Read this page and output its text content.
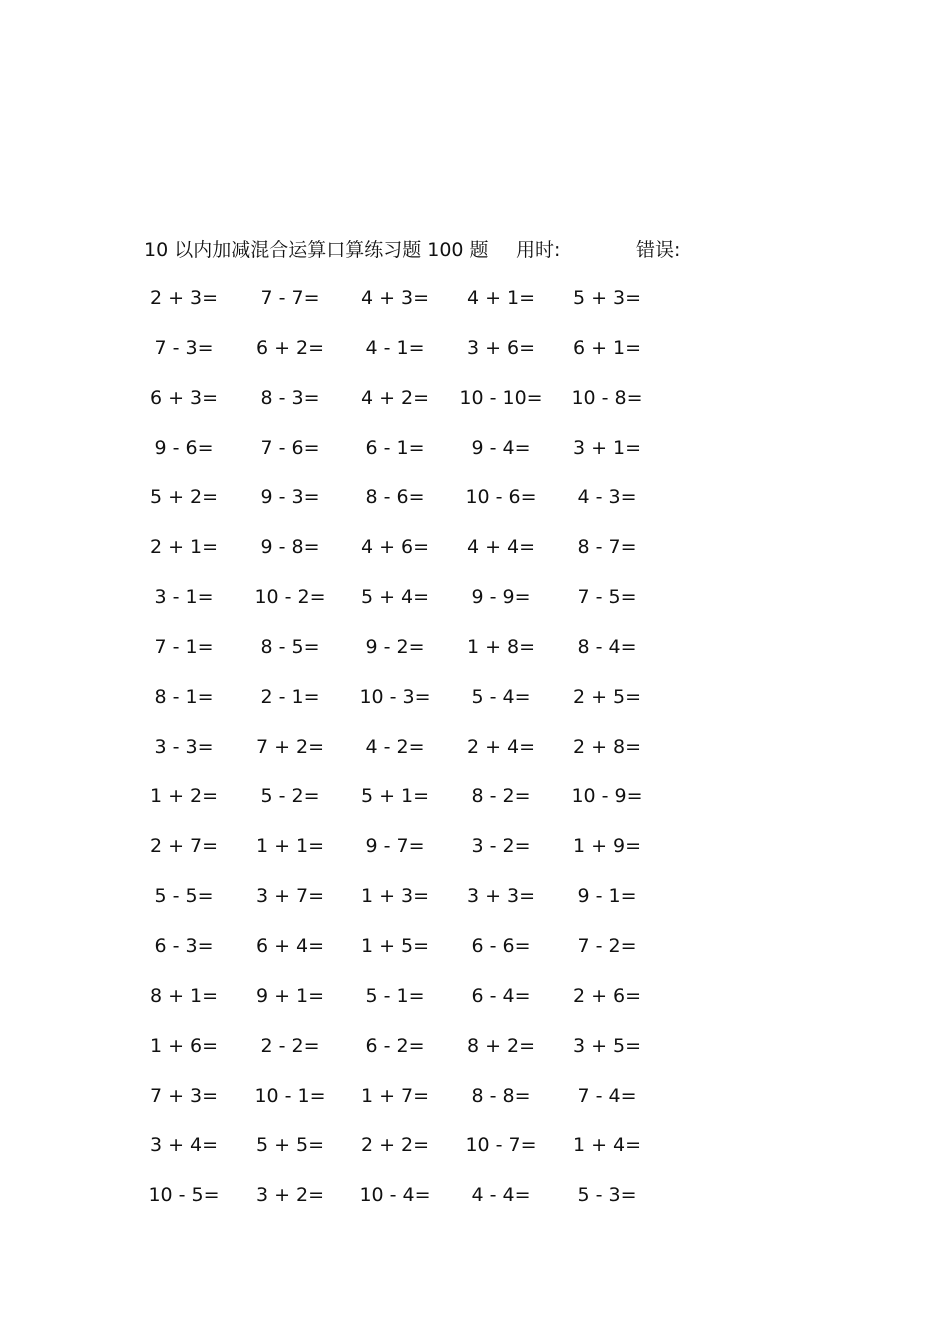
10 以内加减混合运算口算练习题 100 题 用时:	错误:
2 + 3=	7 - 7=	4 + 3=	4 + 1=	5 + 3=
7 - 3=	6 + 2=	4 - 1=	3 + 6=	6 + 1=
6 + 3=	8 - 3=	4 + 2=	10 - 10=	10 - 8=
9 - 6=	7 - 6=	6 - 1=	9 - 4=	3 + 1=
5 + 2=	9 - 3=	8 - 6=	10 - 6=	4 - 3=
2 + 1=	9 - 8=	4 + 6=	4 + 4=	8 - 7=
3 - 1=	10 - 2=	5 + 4=	9 - 9=	7 - 5=
7 - 1=	8 - 5=	9 - 2=	1 + 8=	8 - 4=
8 - 1=	2 - 1=	10 - 3=	5 - 4=	2 + 5=
3 - 3=	7 + 2=	4 - 2=	2 + 4=	2 + 8=
1 + 2=	5 - 2=	5 + 1=	8 - 2=	10 - 9=
2 + 7=	1 + 1=	9 - 7=	3 - 2=	1 + 9=
5 - 5=	3 + 7=	1 + 3=	3 + 3=	9 - 1=
6 - 3=	6 + 4=	1 + 5=	6 - 6=	7 - 2=
8 + 1=	9 + 1=	5 - 1=	6 - 4=	2 + 6=
1 + 6=	2 - 2=	6 - 2=	8 + 2=	3 + 5=
7 + 3=	10 - 1=	1 + 7=	8 - 8=	7 - 4=
3 + 4=	5 + 5=	2 + 2=	10 - 7=	1 + 4=
10 - 5=	3 + 2=	10 - 4=	4 - 4=	5 - 3=
